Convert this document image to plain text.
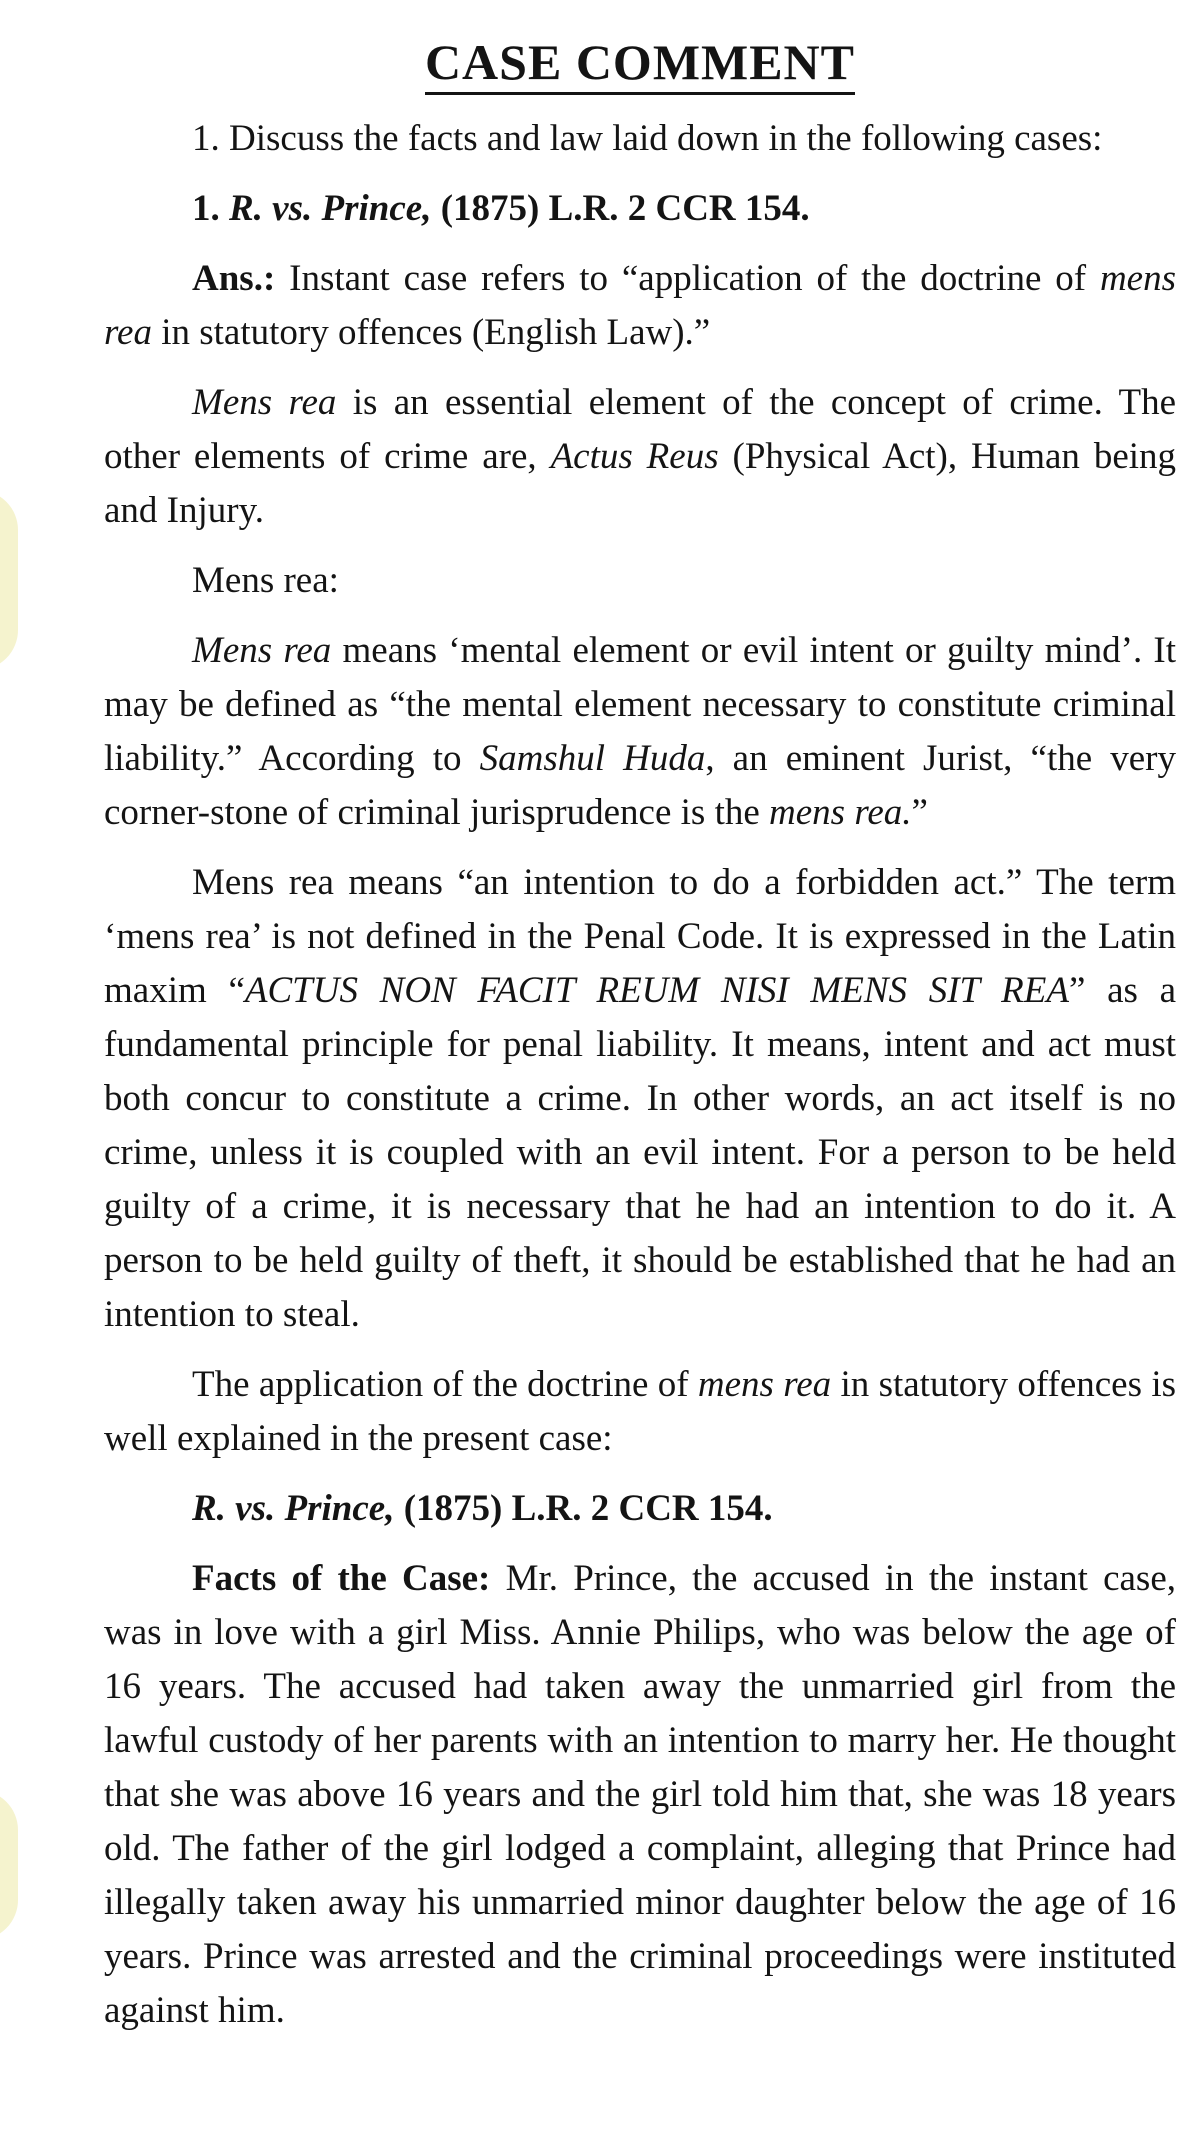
CASE COMMENT

1. Discuss the facts and law laid down in the following cases:

1. R. vs. Prince, (1875) L.R. 2 CCR 154.

Ans.: Instant case refers to “application of the doctrine of mens rea in statutory offences (English Law).”

Mens rea is an essential element of the concept of crime. The other elements of crime are, Actus Reus (Physical Act), Human being and Injury.

Mens rea:

Mens rea means ‘mental element or evil intent or guilty mind’. It may be defined as “the mental element necessary to constitute criminal liability.” According to Samshul Huda, an eminent Jurist, “the very corner-stone of criminal jurisprudence is the mens rea.”

Mens rea means “an intention to do a forbidden act.” The term ‘mens rea’ is not defined in the Penal Code. It is expressed in the Latin maxim “ACTUS NON FACIT REUM NISI MENS SIT REA” as a fundamental principle for penal liability. It means, intent and act must both concur to constitute a crime. In other words, an act itself is no crime, unless it is coupled with an evil intent. For a person to be held guilty of a crime, it is necessary that he had an intention to do it. A person to be held guilty of theft, it should be established that he had an intention to steal.

The application of the doctrine of mens rea in statutory offences is well explained in the present case:

R. vs. Prince, (1875) L.R. 2 CCR 154.

Facts of the Case: Mr. Prince, the accused in the instant case, was in love with a girl Miss. Annie Philips, who was below the age of 16 years. The accused had taken away the unmarried girl from the lawful custody of her parents with an intention to marry her. He thought that she was above 16 years and the girl told him that, she was 18 years old. The father of the girl lodged a complaint, alleging that Prince had illegally taken away his unmarried minor daughter below the age of 16 years. Prince was arrested and the criminal proceedings were instituted against him.
